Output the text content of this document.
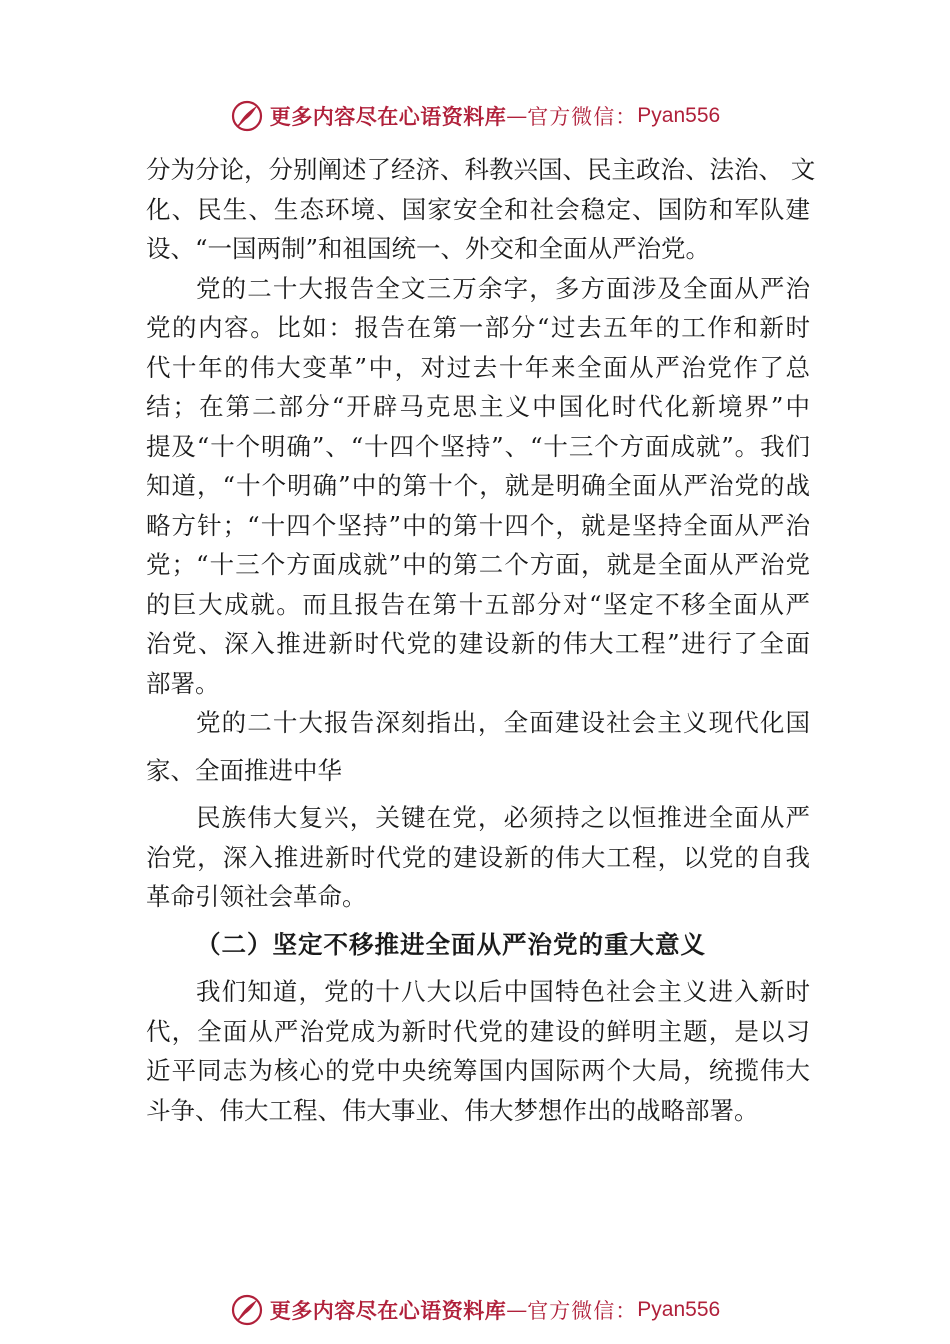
更多内容尽在心语资料库 — 官方微信： Pyan556
分为分论，分别阐述了经济、科教兴国、民主政治、法治、 文
化、民生、生态环境、国家安全和社会稳定、国防和军队建
设、“一国两制”和祖国统一、外交和全面从严治党。
党的二十大报告全文三万余字，多方面涉及全面从严治
党的内容。比如：报告在第一部分“过去五年的工作和新时
代十年的伟大变革”中，对过去十年来全面从严治党作了总
结；在第二部分“开辟马克思主义中国化时代化新境界”中
提及“十个明确”、“十四个坚持”、“十三个方面成就”。我们
知道，“十个明确”中的第十个，就是明确全面从严治党的战
略方针；“十四个坚持”中的第十四个，就是坚持全面从严治
党；“十三个方面成就”中的第二个方面，就是全面从严治党
的巨大成就。而且报告在第十五部分对“坚定不移全面从严
治党、深入推进新时代党的建设新的伟大工程”进行了全面
部署。
党的二十大报告深刻指出，全面建设社会主义现代化国
家、全面推进中华
民族伟大复兴，关键在党，必须持之以恒推进全面从严
治党，深入推进新时代党的建设新的伟大工程，以党的自我
革命引领社会革命。
（二）坚定不移推进全面从严治党的重大意义
我们知道，党的十八大以后中国特色社会主义进入新时
代，全面从严治党成为新时代党的建设的鲜明主题，是以习
近平同志为核心的党中央统筹国内国际两个大局，统揽伟大
斗争、伟大工程、伟大事业、伟大梦想作出的战略部署。
更多内容尽在心语资料库 — 官方微信： Pyan556
